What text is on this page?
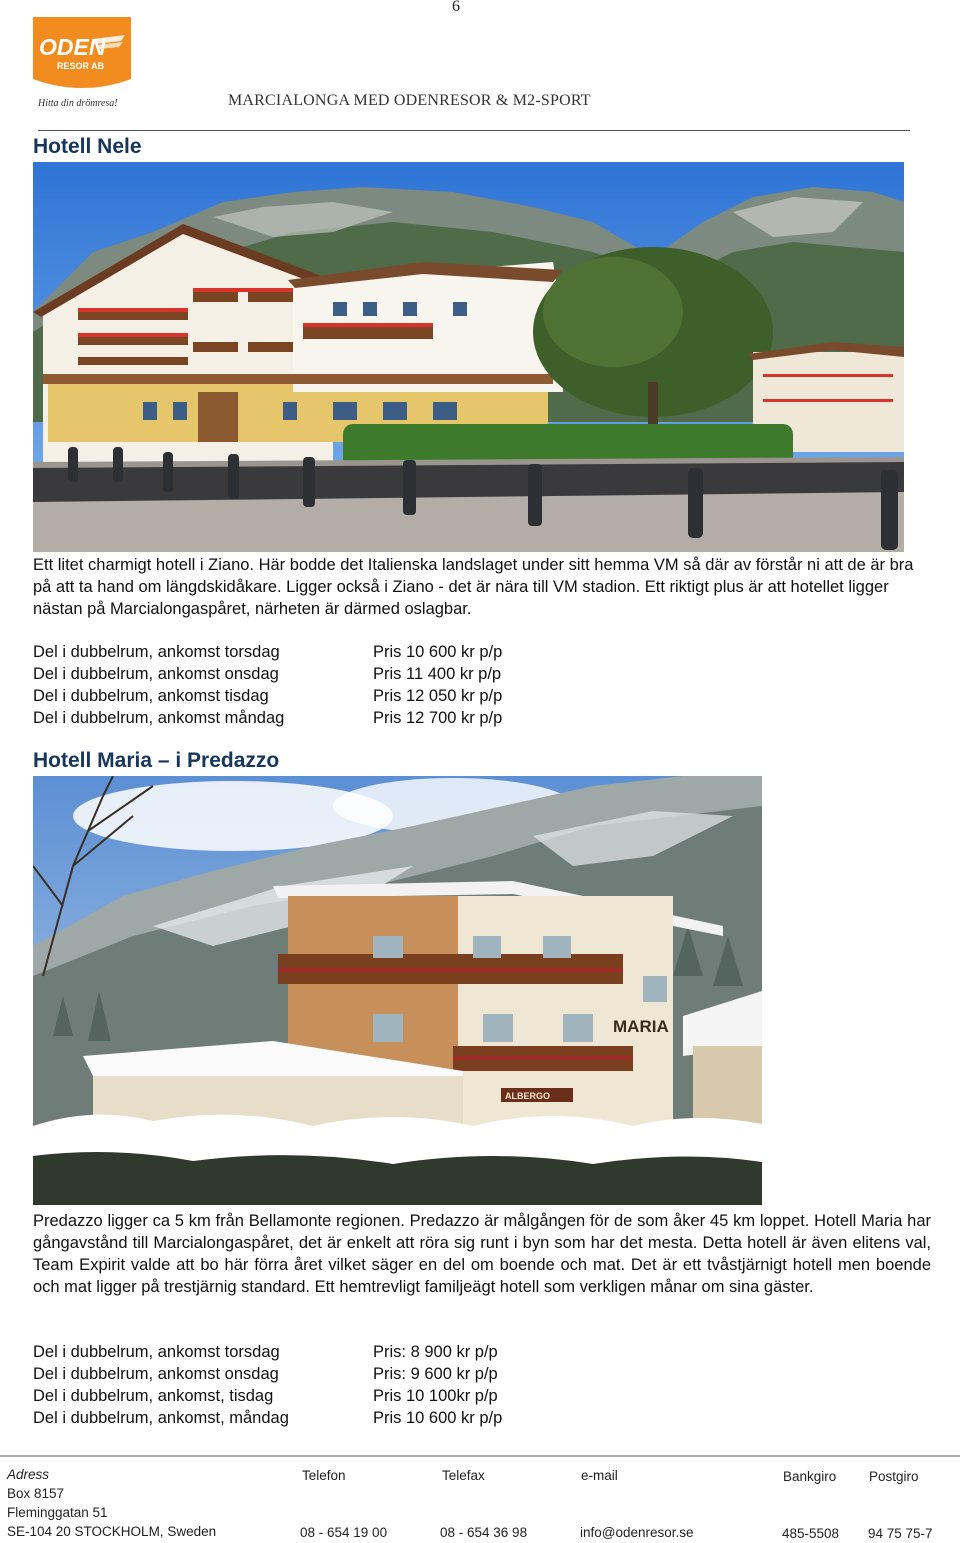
6
ODEN
RESOR AB
Hitta din drömresa!	MARCIALONGA MED ODENRESOR & M2-SPORT
Hotell Nele
Ett litet charmigt hotell i Ziano. Här bodde det Italienska landslaget under sitt hemma VM så där av förstår ni att de är bra på att ta hand om längdskidåkare. Ligger också i Ziano - det är nära till VM stadion. Ett riktigt plus är att hotellet ligger nästan på Marcialongaspåret, närheten är därmed oslagbar.
Del i dubbelrum, ankomst torsdag	Pris 10 600 kr p/p
Del i dubbelrum, ankomst onsdag	Pris 11 400 kr p/p
Del i dubbelrum, ankomst tisdag	Pris 12 050 kr p/p
Del i dubbelrum, ankomst måndag	Pris 12 700 kr p/p
Hotell Maria – i Predazzo
MARIA
ALBERGO
Predazzo ligger ca 5 km från Bellamonte regionen. Predazzo är målgången för de som åker 45 km loppet. Hotell Maria har gångavstånd till Marcialongaspåret, det är enkelt att röra sig runt i byn som har det mesta. Detta hotell är även elitens val, Team Expirit valde att bo här förra året vilket säger en del om boende och mat. Det är ett tvåstjärnigt hotell men boende och mat ligger på trestjärnig standard. Ett hemtrevligt familjeägt hotell som verkligen månar om sina gäster.
Del i dubbelrum, ankomst torsdag	Pris: 8 900 kr p/p
Del i dubbelrum, ankomst onsdag	Pris: 9 600 kr p/p
Del i dubbelrum, ankomst, tisdag	Pris 10 100kr p/p
Del i dubbelrum, ankomst, måndag	Pris 10 600 kr p/p
Adress
Box 8157
Fleminggatan 51
SE-104 20 STOCKHOLM, Sweden
Telefon
08 - 654 19 00
Telefax
08 - 654 36 98
e-mail
info@odenresor.se
Bankgiro
485-5508
Postgiro
94 75 75-7
